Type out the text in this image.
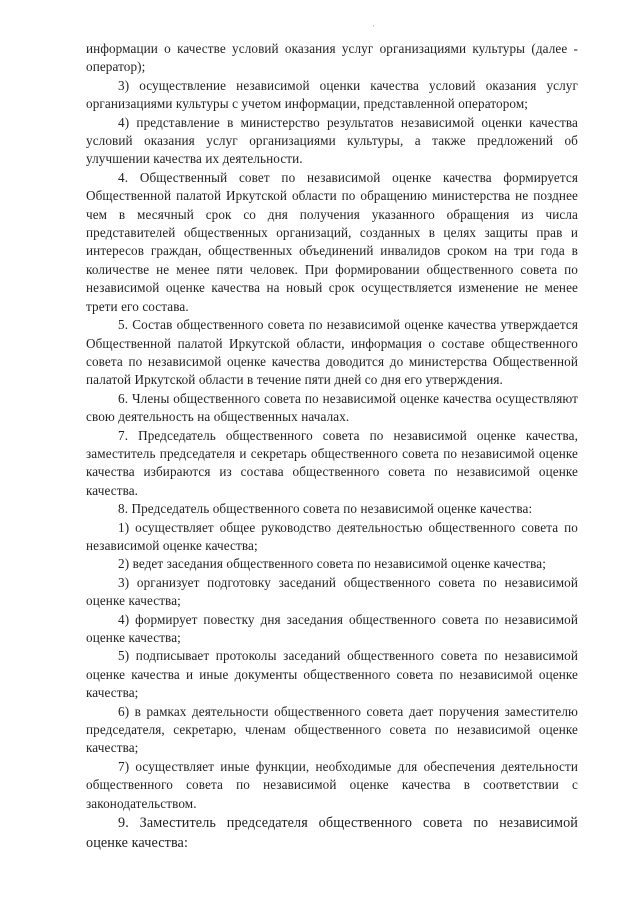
·

информации о качестве условий оказания услуг организациями культуры (далее - оператор);

3) осуществление независимой оценки качества условий оказания услуг организациями культуры с учетом информации, представленной оператором;

4) представление в министерство результатов независимой оценки качества условий оказания услуг организациями культуры, а также предложений об улучшении качества их деятельности.

4. Общественный совет по независимой оценке качества формируется Общественной палатой Иркутской области по обращению министерства не позднее чем в месячный срок со дня получения указанного обращения из числа представителей общественных организаций, созданных в целях защиты прав и интересов граждан, общественных объединений инвалидов сроком на три года в количестве не менее пяти человек. При формировании общественного совета по независимой оценке качества на новый срок осуществляется изменение не менее трети его состава.

5. Состав общественного совета по независимой оценке качества утверждается Общественной палатой Иркутской области, информация о составе общественного совета по независимой оценке качества доводится до министерства Общественной палатой Иркутской области в течение пяти дней со дня его утверждения.

6. Члены общественного совета по независимой оценке качества осуществляют свою деятельность на общественных началах.

7. Председатель общественного совета по независимой оценке качества, заместитель председателя и секретарь общественного совета по независимой оценке качества избираются из состава общественного совета по независимой оценке качества.

8. Председатель общественного совета по независимой оценке качества:

1) осуществляет общее руководство деятельностью общественного совета по независимой оценке качества;

2) ведет заседания общественного совета по независимой оценке качества;

3) организует подготовку заседаний общественного совета по независимой оценке качества;

4) формирует повестку дня заседания общественного совета по независимой оценке качества;

5) подписывает протоколы заседаний общественного совета по независимой оценке качества и иные документы общественного совета по независимой оценке качества;

6) в рамках деятельности общественного совета дает поручения заместителю председателя, секретарю, членам общественного совета по независимой оценке качества;

7) осуществляет иные функции, необходимые для обеспечения деятельности общественного совета по независимой оценке качества в соответствии с законодательством.

9. Заместитель председателя общественного совета по независимой оценке качества:
